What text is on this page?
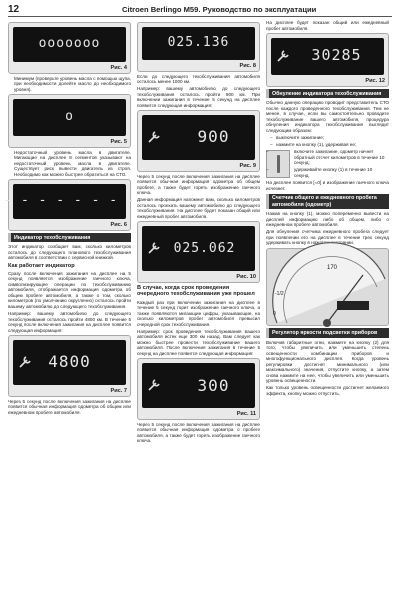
12	Citroen Berlingo M59. Руководство по эксплуатации
ooooooo
Рис. 4

Минимум (проверьте уровень масла с помощью щупа, при необходимости долейте масло до необходимого уровня).

o
Рис. 5

Недостаточный уровень масла в двигателе. Мигающие на дисплее 8 сегментов указывают на недостаточный уровень масла в двигателе. Существует риск вывести двигатель из строя. Необходимо как можно быстрее обратиться на СТО.

- - - - - - - -
Рис. 6
Индикатор техобслуживания

Этот индикатор сообщает вам, сколько километров осталось до следующего планового техобслуживания автомобиля в соответствии с сервисной книжкой.

Как работает индикатор

Сразу после включения зажигания на дисплее на 5 секунд появляется изображение гаечного ключа, символизирующее операции по техобслуживанию автомобиля, отображается информация одометра об общем пробеге автомобиля, а также о том, сколько километров (по умолчанию округленно) осталось пройти вашему автомобилю до следующего техобслуживания.

Например: вашему автомобилю до следующего техобслуживания осталось пройти 4800 км. В течение 5 секунд после включения зажигания на дисплее появится следующая информация:

4800
Рис. 7

Через 5 секунд после включения зажигания на дисплее появится обычная информация одометра об общем или ежедневном пробеге автомобиля.

025.136
Рис. 8

Если до следующего техобслуживания автомобиля осталось менее 1000 км.

Например: вашему автомобилю до следующего техобслуживания осталось пройти 900 км. При включении зажигания в течение 5 секунд на дисплее появится следующая информация:

900
Рис. 9

Через 5 секунд после включения зажигания на дисплее появится обычная информация одометра об общем пробеге, а также будет гореть изображение гаечного ключа.

Данная информация напомнит вам, сколько километров осталось проехать вашему автомобилю до следующего техобслуживания. На дисплее будет показан общий или ежедневный пробег автомобиля.

025.062
Рис. 10
В случае, когда срок проведения очередного техобслуживания уже прошел

Каждый раз при включении зажигания на дисплее в течение 5 секунд горит изображение гаечного ключа, а также появляются мигающие цифры, указывающие, на сколько километров пробег автомобиля превысил очередной срок техобслуживания.

Например: срок проведения техобслуживания вашего автомобиля истек еще 300 км назад. Вам следует как можно быстрее провести техобслуживание вашего автомобиля. После включения зажигания в течение 5 секунд на дисплее появится следующая информация:

300
Рис. 11

Через 5 секунд после включения зажигания на дисплее появится обычная информация одометра о пробеге автомобиля, а также будет гореть изображение гаечного ключа.

На дисплее будет показан общий или ежедневный пробег автомобиля.

30285
Рис. 12
Обнуление индикатора техобслуживания

Обычно данную операцию проводит представитель СТО после каждого проведенного техобслуживания. Тем не менее, в случае, если вы самостоятельно проводите техобслуживание вашего автомобиля, процедура обнуления индикатора техобслуживания выглядит следующим образом:

– выключите зажигание;
– нажмите на кнопку (1), удерживая ее;
– включите зажигание, одометр начнет обратный отсчет километров в течение 10 секунд;
– удерживайте кнопку (1) в течение 10 секунд.

На дисплее появится [=0] и изображение гаечного ключа исчезнет.

Счетчик общего и ежедневного пробега автомобиля (одометр)

Нажав на кнопку (1), можно попеременно вывести на дисплей информацию либо об общем, либо о ежедневном пробеге автомобиля.

Для обнуления счетчика ежедневного пробега следует при появлении его на дисплее в течение трех секунд удерживать кнопку в нажатом состоянии.

170
-1/2
0
Регулятор яркости подсветки приборов

Включив габаритные огни, нажмите на кнопку (2) для того, чтобы увеличить или уменьшить степень освещенности комбинации приборов и многофункционального дисплея. Когда уровень регулировки достигнет минимального (или максимального) значения, отпустите кнопку, а затем снова нажмите на нее, чтобы увеличить или уменьшить уровень освещенности.

Как только уровень освещенности достигнет желаемого эффекта, кнопку можно отпустить.
